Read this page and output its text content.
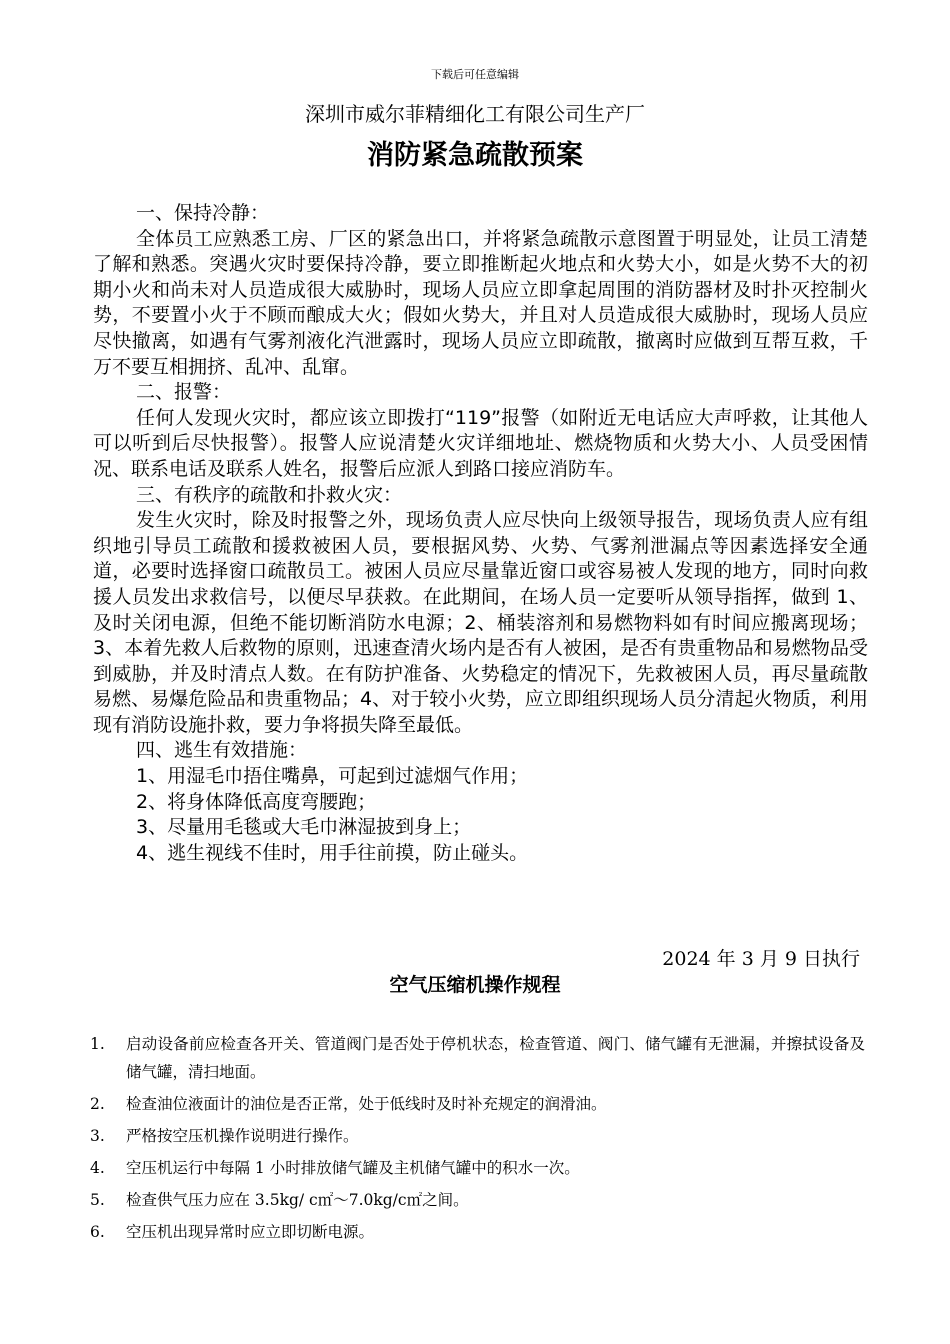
下载后可任意编辑
深圳市威尔菲精细化工有限公司生产厂
消防紧急疏散预案

一、保持冷静：

全体员工应熟悉工房、厂区的紧急出口，并将紧急疏散示意图置于明显处，让员工清楚了解和熟悉。突遇火灾时要保持冷静，要立即推断起火地点和火势大小，如是火势不大的初期小火和尚未对人员造成很大威胁时，现场人员应立即拿起周围的消防器材及时扑灭控制火势，不要置小火于不顾而酿成大火；假如火势大，并且对人员造成很大威胁时，现场人员应尽快撤离，如遇有气雾剂液化汽泄露时，现场人员应立即疏散，撤离时应做到互帮互救，千万不要互相拥挤、乱冲、乱窜。

二、报警：

任何人发现火灾时，都应该立即拨打“119”报警（如附近无电话应大声呼救，让其他人可以听到后尽快报警）。报警人应说清楚火灾详细地址、燃烧物质和火势大小、人员受困情况、联系电话及联系人姓名，报警后应派人到路口接应消防车。

三、有秩序的疏散和扑救火灾：

发生火灾时，除及时报警之外，现场负责人应尽快向上级领导报告，现场负责人应有组织地引导员工疏散和援救被困人员，要根据风势、火势、气雾剂泄漏点等因素选择安全通道，必要时选择窗口疏散员工。被困人员应尽量靠近窗口或容易被人发现的地方，同时向救援人员发出求救信号，以便尽早获救。在此期间，在场人员一定要听从领导指挥，做到 1、及时关闭电源，但绝不能切断消防水电源；2、桶装溶剂和易燃物料如有时间应搬离现场；3、本着先救人后救物的原则，迅速查清火场内是否有人被困，是否有贵重物品和易燃物品受到威胁，并及时清点人数。在有防护准备、火势稳定的情况下，先救被困人员，再尽量疏散易燃、易爆危险品和贵重物品；4、对于较小火势，应立即组织现场人员分清起火物质，利用现有消防设施扑救，要力争将损失降至最低。

四、逃生有效措施：

1、用湿毛巾捂住嘴鼻，可起到过滤烟气作用；

2、将身体降低高度弯腰跑；

3、尽量用毛毯或大毛巾淋湿披到身上；

4、逃生视线不佳时，用手往前摸，防止碰头。

2024 年 3 月 9 日执行
空气压缩机操作规程
1.	启动设备前应检查各开关、管道阀门是否处于停机状态，检查管道、阀门、储气罐有无泄漏，并擦拭设备及储气罐，清扫地面。
2.	检查油位液面计的油位是否正常，处于低线时及时补充规定的润滑油。
3.	严格按空压机操作说明进行操作。
4.	空压机运行中每隔 1 小时排放储气罐及主机储气罐中的积水一次。
5.	检查供气压力应在 3.5kg/ c㎡～7.0kg/c㎡之间。
6.	空压机出现异常时应立即切断电源。
